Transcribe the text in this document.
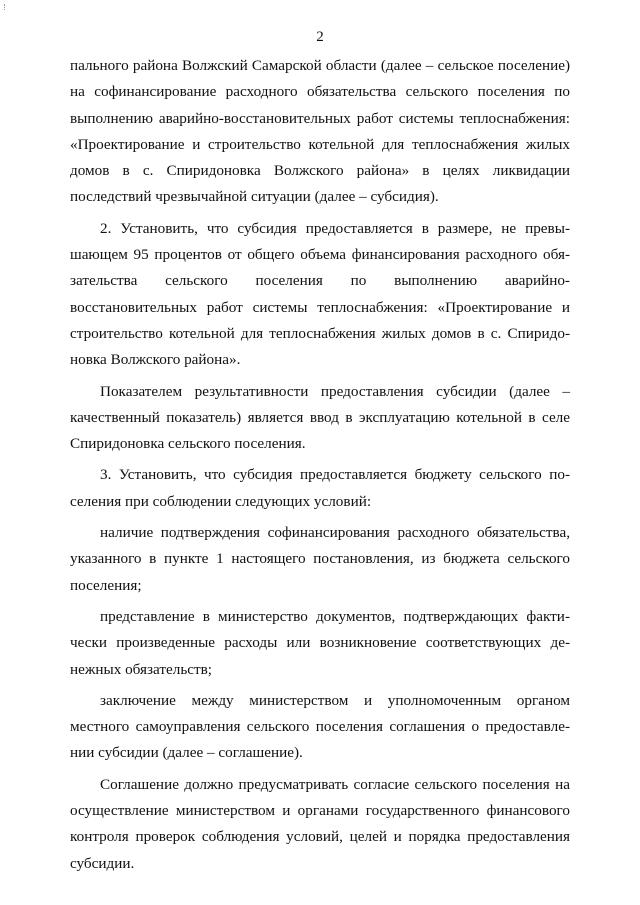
2

пального района Волжский Самарской области (далее – сельское поселение) на софинансирование расходного обязательства сельского поселения по выполнению аварийно-восстановительных работ системы теплоснабжения: «Проектирование и строительство котельной для теплоснабжения жилых домов в с. Спиридоновка Волжского района» в целях ликвидации последствий чрезвычайной ситуации (далее – субсидия).

2. Установить, что субсидия предоставляется в размере, не превышающем 95 процентов от общего объема финансирования расходного обязательства сельского поселения по выполнению аварийно-восстановительных работ системы теплоснабжения: «Проектирование и строительство котельной для теплоснабжения жилых домов в с. Спиридоновка Волжского района».

Показателем результативности предоставления субсидии (далее – качественный показатель) является ввод в эксплуатацию котельной в селе Спиридоновка сельского поселения.

3. Установить, что субсидия предоставляется бюджету сельского поселения при соблюдении следующих условий:

наличие подтверждения софинансирования расходного обязательства, указанного в пункте 1 настоящего постановления, из бюджета сельского поселения;

представление в министерство документов, подтверждающих фактически произведенные расходы или возникновение соответствующих денежных обязательств;

заключение между министерством и уполномоченным органом местного самоуправления сельского поселения соглашения о предоставлении субсидии (далее – соглашение).

Соглашение должно предусматривать согласие сельского поселения на осуществление министерством и органами государственного финансового контроля проверок соблюдения условий, целей и порядка предоставления субсидии.
